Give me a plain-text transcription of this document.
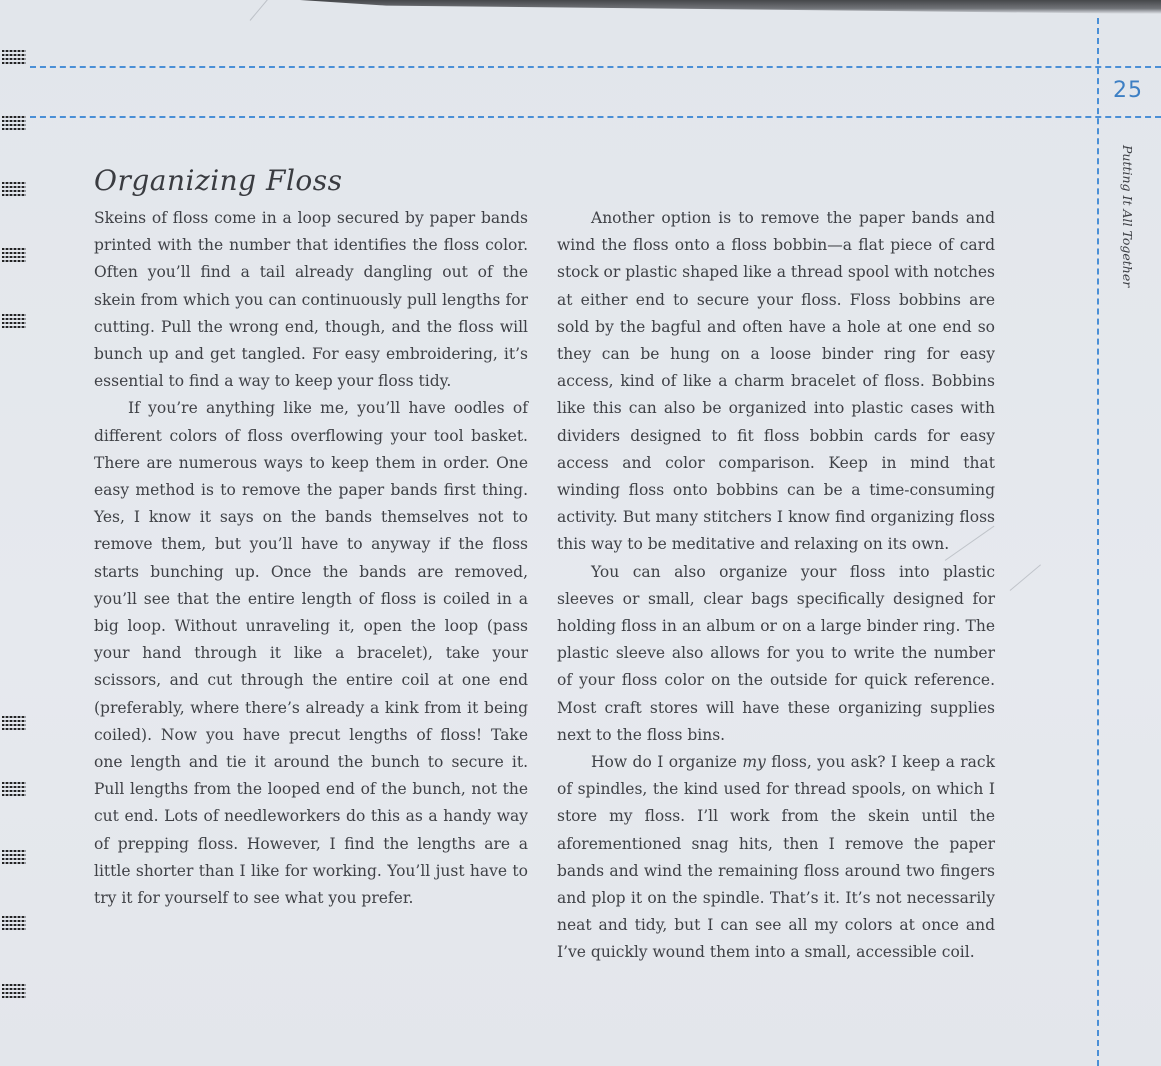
25
Putting It All Together
Organizing Floss

Skeins of floss come in a loop secured by paper bands printed with the number that identifies the floss color. Often you’ll find a tail already dangling out of the skein from which you can continuously pull lengths for cutting. Pull the wrong end, though, and the floss will bunch up and get tangled. For easy embroidering, it’s essential to find a way to keep your floss tidy.

If you’re anything like me, you’ll have oodles of different colors of floss overflowing your tool basket. There are numerous ways to keep them in order. One easy method is to remove the paper bands first thing. Yes, I know it says on the bands themselves not to remove them, but you’ll have to anyway if the floss starts bunching up. Once the bands are removed, you’ll see that the entire length of floss is coiled in a big loop. Without unraveling it, open the loop (pass your hand through it like a bracelet), take your scissors, and cut through the entire coil at one end (preferably, where there’s already a kink from it being coiled). Now you have precut lengths of floss! Take one length and tie it around the bunch to secure it. Pull lengths from the looped end of the bunch, not the cut end. Lots of needleworkers do this as a handy way of prepping floss. However, I find the lengths are a little shorter than I like for working. You’ll just have to try it for yourself to see what you prefer.

Another option is to remove the paper bands and wind the floss onto a floss bobbin—a flat piece of card stock or plastic shaped like a thread spool with notches at either end to secure your floss. Floss bobbins are sold by the bagful and often have a hole at one end so they can be hung on a loose binder ring for easy access, kind of like a charm bracelet of floss. Bobbins like this can also be organized into plastic cases with dividers designed to fit floss bobbin cards for easy access and color comparison. Keep in mind that winding floss onto bobbins can be a time-consuming activity. But many stitchers I know find organizing floss this way to be meditative and relaxing on its own.

You can also organize your floss into plastic sleeves or small, clear bags specifically designed for holding floss in an album or on a large binder ring. The plastic sleeve also allows for you to write the number of your floss color on the outside for quick reference. Most craft stores will have these organizing supplies next to the floss bins.

How do I organize my floss, you ask? I keep a rack of spindles, the kind used for thread spools, on which I store my floss. I’ll work from the skein until the aforementioned snag hits, then I remove the paper bands and wind the remaining floss around two fingers and plop it on the spindle. That’s it. It’s not necessarily neat and tidy, but I can see all my colors at once and I’ve quickly wound them into a small, accessible coil.
